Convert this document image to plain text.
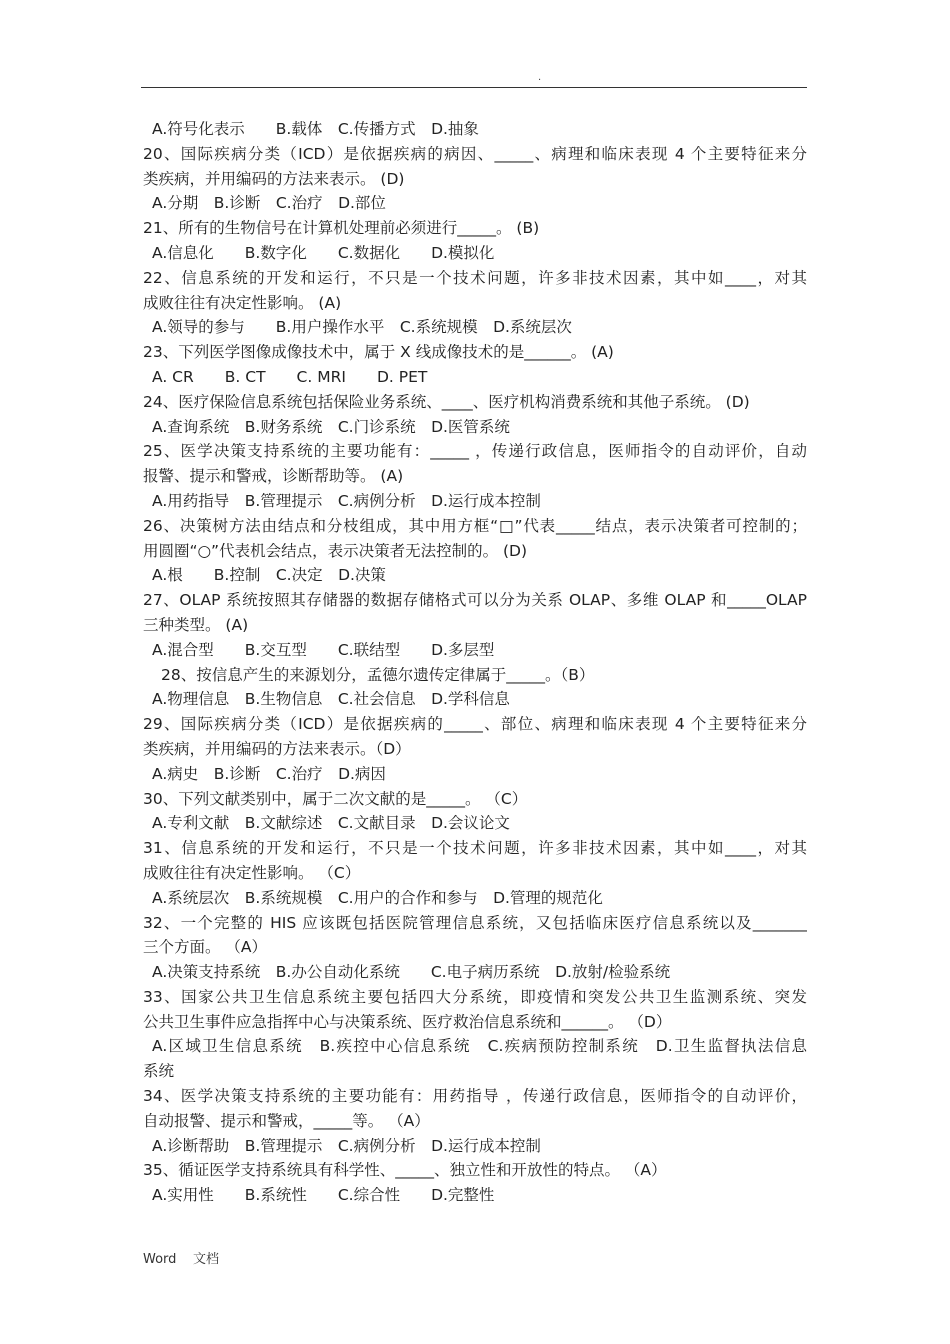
.
A.符号化表示　　B.载体　C.传播方式　D.抽象
20、国际疾病分类（ICD）是依据疾病的病因、_____、病理和临床表现 4 个主要特征来分
类疾病，并用编码的方法来表示。 (D)
A.分期　B.诊断　C.治疗　D.部位
21、所有的生物信号在计算机处理前必须进行_____。 (B)
A.信息化　　B.数字化　　C.数据化　　D.模拟化
22、信息系统的开发和运行，不只是一个技术问题，许多非技术因素，其中如____，对其
成败往往有决定性影响。 (A)
A.领导的参与　　B.用户操作水平　C.系统规模　D.系统层次
23、下列医学图像成像技术中，属于 X 线成像技术的是______。 (A)
A. CR　　B. CT　　C. MRI　　D. PET
24、医疗保险信息系统包括保险业务系统、____、医疗机构消费系统和其他子系统。 (D)
A.查询系统　B.财务系统　C.门诊系统　D.医管系统
25、医学决策支持系统的主要功能有：_____ ，传递行政信息，医师指令的自动评价，自动
报警、提示和警戒，诊断帮助等。 (A)
A.用药指导　B.管理提示　C.病例分析　D.运行成本控制
26、决策树方法由结点和分枝组成，其中用方框“□”代表_____结点，表示决策者可控制的；
用圆圈“○”代表机会结点，表示决策者无法控制的。 (D)
A.根　　B.控制　C.决定　D.决策
27、OLAP 系统按照其存储器的数据存储格式可以分为关系 OLAP、多维 OLAP 和_____OLAP
三种类型。 (A)
A.混合型　　B.交互型　　C.联结型　　D.多层型
28、按信息产生的来源划分，孟德尔遗传定律属于_____。（B）
A.物理信息　B.生物信息　C.社会信息　D.学科信息
29、国际疾病分类（ICD）是依据疾病的_____、部位、病理和临床表现 4 个主要特征来分
类疾病，并用编码的方法来表示。（D）
A.病史　B.诊断　C.治疗　D.病因
30、下列文献类别中，属于二次文献的是_____。 （C）
A.专利文献　B.文献综述　C.文献目录　D.会议论文
31、信息系统的开发和运行，不只是一个技术问题，许多非技术因素，其中如____，对其
成败往往有决定性影响。 （C）
A.系统层次　B.系统规模　C.用户的合作和参与　D.管理的规范化
32、一个完整的 HIS 应该既包括医院管理信息系统，又包括临床医疗信息系统以及_______
三个方面。 （A）
A.决策支持系统　B.办公自动化系统　　C.电子病历系统　D.放射/检验系统
33、国家公共卫生信息系统主要包括四大分系统，即疫情和突发公共卫生监测系统、突发
公共卫生事件应急指挥中心与决策系统、医疗救治信息系统和______。 （D）
A.区域卫生信息系统　B.疾控中心信息系统　C.疾病预防控制系统　D.卫生监督执法信息
系统
34、医学决策支持系统的主要功能有：用药指导 ，传递行政信息，医师指令的自动评价，
自动报警、提示和警戒，_____等。 （A）
A.诊断帮助　B.管理提示　C.病例分析　D.运行成本控制
35、循证医学支持系统具有科学性、_____、独立性和开放性的特点。 （A）
A.实用性　　B.系统性　　C.综合性　　D.完整性
Word 文档
